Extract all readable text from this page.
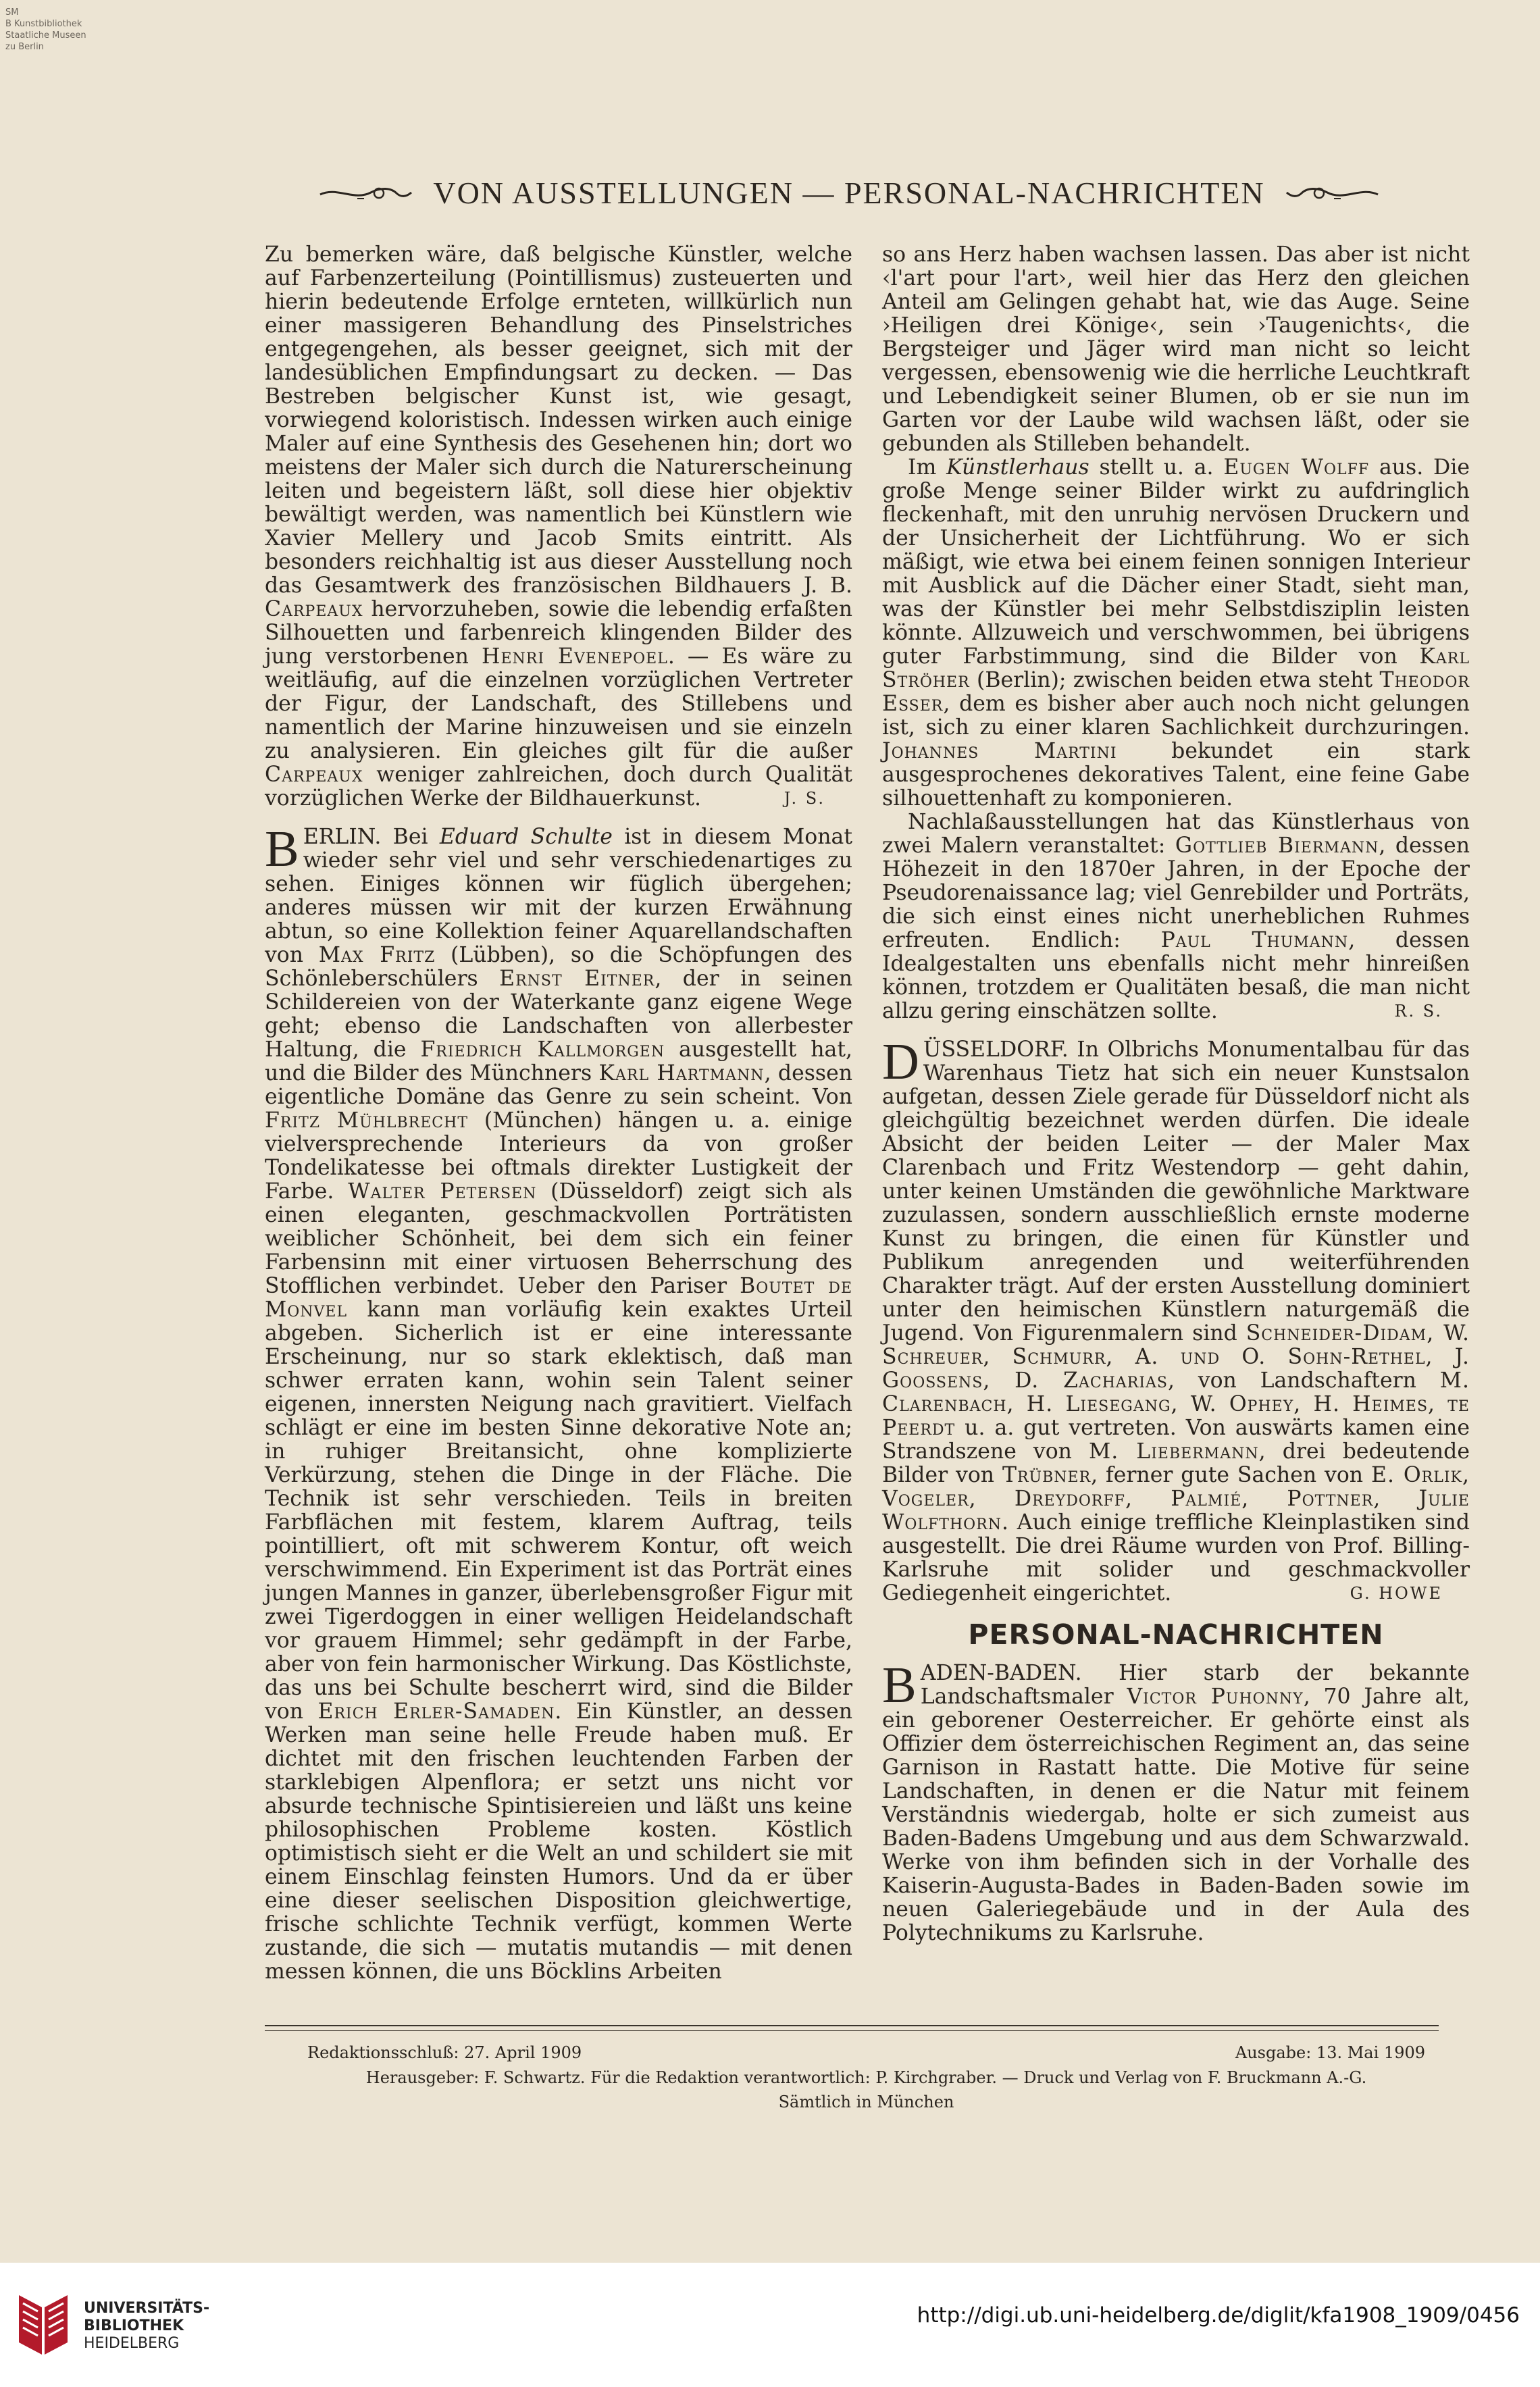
SM
B Kunstbibliothek
Staatliche Museen
zu Berlin
VON AUSSTELLUNGEN — PERSONAL-NACHRICHTEN

Zu bemerken wäre, daß belgische Künstler, welche auf Farbenzerteilung (Pointillismus) zusteuerten und hierin bedeutende Erfolge ernteten, willkürlich nun einer massigeren Behandlung des Pinselstriches entgegengehen, als besser geeignet, sich mit der landesüblichen Empfindungsart zu decken. — Das Bestreben belgischer Kunst ist, wie gesagt, vorwiegend koloristisch. Indessen wirken auch einige Maler auf eine Synthesis des Gesehenen hin; dort wo meistens der Maler sich durch die Naturerscheinung leiten und begeistern läßt, soll diese hier objektiv bewältigt werden, was namentlich bei Künstlern wie Xavier Mellery und Jacob Smits eintritt. Als besonders reichhaltig ist aus dieser Ausstellung noch das Gesamtwerk des französischen Bildhauers J. B. Carpeaux hervorzuheben, sowie die lebendig erfaßten Silhouetten und farbenreich klingenden Bilder des jung verstorbenen Henri Evenepoel. — Es wäre zu weitläufig, auf die einzelnen vorzüglichen Vertreter der Figur, der Landschaft, des Stillebens und namentlich der Marine hinzuweisen und sie einzeln zu analysieren. Ein gleiches gilt für die außer Carpeaux weniger zahlreichen, doch durch Qualität vorzüglichen Werke der Bildhauerkunst.	J. S.

BERLIN. Bei Eduard Schulte ist in diesem Monat wieder sehr viel und sehr verschiedenartiges zu sehen. Einiges können wir füglich übergehen; anderes müssen wir mit der kurzen Erwähnung abtun, so eine Kollektion feiner Aquarellandschaften von Max Fritz (Lübben), so die Schöpfungen des Schönleberschülers Ernst Eitner, der in seinen Schildereien von der Waterkante ganz eigene Wege geht; ebenso die Landschaften von allerbester Haltung, die Friedrich Kallmorgen ausgestellt hat, und die Bilder des Münchners Karl Hartmann, dessen eigentliche Domäne das Genre zu sein scheint. Von Fritz Mühlbrecht (München) hängen u. a. einige vielversprechende Interieurs da von großer Tondelikatesse bei oftmals direkter Lustigkeit der Farbe. Walter Petersen (Düsseldorf) zeigt sich als einen eleganten, geschmackvollen Porträtisten weiblicher Schönheit, bei dem sich ein feiner Farbensinn mit einer virtuosen Beherrschung des Stofflichen verbindet. Ueber den Pariser Boutet de Monvel kann man vorläufig kein exaktes Urteil abgeben. Sicherlich ist er eine interessante Erscheinung, nur so stark eklektisch, daß man schwer erraten kann, wohin sein Talent seiner eigenen, innersten Neigung nach gravitiert. Vielfach schlägt er eine im besten Sinne dekorative Note an; in ruhiger Breitansicht, ohne komplizierte Verkürzung, stehen die Dinge in der Fläche. Die Technik ist sehr verschieden. Teils in breiten Farbflächen mit festem, klarem Auftrag, teils pointilliert, oft mit schwerem Kontur, oft weich verschwimmend. Ein Experiment ist das Porträt eines jungen Mannes in ganzer, überlebensgroßer Figur mit zwei Tigerdoggen in einer welligen Heidelandschaft vor grauem Himmel; sehr gedämpft in der Farbe, aber von fein harmonischer Wirkung. Das Köstlichste, das uns bei Schulte bescherrt wird, sind die Bilder von Erich Erler-Samaden. Ein Künstler, an dessen Werken man seine helle Freude haben muß. Er dichtet mit den frischen leuchtenden Farben der starklebigen Alpenflora; er setzt uns nicht vor absurde technische Spintisiereien und läßt uns keine philosophischen Probleme kosten. Köstlich optimistisch sieht er die Welt an und schildert sie mit einem Einschlag feinsten Humors. Und da er über eine dieser seelischen Disposition gleichwertige, frische schlichte Technik verfügt, kommen Werte zustande, die sich — mutatis mutandis — mit denen messen können, die uns Böcklins Arbeiten

so ans Herz haben wachsen lassen. Das aber ist nicht ‹l'art pour l'art›, weil hier das Herz den gleichen Anteil am Gelingen gehabt hat, wie das Auge. Seine ›Heiligen drei Könige‹, sein ›Taugenichts‹, die Bergsteiger und Jäger wird man nicht so leicht vergessen, ebensowenig wie die herrliche Leuchtkraft und Lebendigkeit seiner Blumen, ob er sie nun im Garten vor der Laube wild wachsen läßt, oder sie gebunden als Stilleben behandelt.

Im Künstlerhaus stellt u. a. Eugen Wolff aus. Die große Menge seiner Bilder wirkt zu aufdringlich fleckenhaft, mit den unruhig nervösen Druckern und der Unsicherheit der Lichtführung. Wo er sich mäßigt, wie etwa bei einem feinen sonnigen Interieur mit Ausblick auf die Dächer einer Stadt, sieht man, was der Künstler bei mehr Selbstdisziplin leisten könnte. Allzuweich und verschwommen, bei übrigens guter Farbstimmung, sind die Bilder von Karl Ströher (Berlin); zwischen beiden etwa steht Theodor Esser, dem es bisher aber auch noch nicht gelungen ist, sich zu einer klaren Sachlichkeit durchzuringen. Johannes Martini bekundet ein stark ausgesprochenes dekoratives Talent, eine feine Gabe silhouettenhaft zu komponieren.

Nachlaßausstellungen hat das Künstlerhaus von zwei Malern veranstaltet: Gottlieb Biermann, dessen Höhezeit in den 1870er Jahren, in der Epoche der Pseudorenaissance lag; viel Genrebilder und Porträts, die sich einst eines nicht unerheblichen Ruhmes erfreuten. Endlich: Paul Thumann, dessen Idealgestalten uns ebenfalls nicht mehr hinreißen können, trotzdem er Qualitäten besaß, die man nicht allzu gering einschätzen sollte.	R. S.

DÜSSELDORF. In Olbrichs Monumentalbau für das Warenhaus Tietz hat sich ein neuer Kunstsalon aufgetan, dessen Ziele gerade für Düsseldorf nicht als gleichgültig bezeichnet werden dürfen. Die ideale Absicht der beiden Leiter — der Maler Max Clarenbach und Fritz Westendorp — geht dahin, unter keinen Umständen die gewöhnliche Marktware zuzulassen, sondern ausschließlich ernste moderne Kunst zu bringen, die einen für Künstler und Publikum anregenden und weiterführenden Charakter trägt. Auf der ersten Ausstellung dominiert unter den heimischen Künstlern naturgemäß die Jugend. Von Figurenmalern sind Schneider-Didam, W. Schreuer, Schmurr, A. und O. Sohn-Rethel, J. Goossens, D. Zacharias, von Landschaftern M. Clarenbach, H. Liesegang, W. Ophey, H. Heimes, te Peerdt u. a. gut vertreten. Von auswärts kamen eine Strandszene von M. Liebermann, drei bedeutende Bilder von Trübner, ferner gute Sachen von E. Orlik, Vogeler, Dreydorff, Palmié, Pottner, Julie Wolfthorn. Auch einige treffliche Kleinplastiken sind ausgestellt. Die drei Räume wurden von Prof. Billing-Karlsruhe mit solider und geschmackvoller Gediegenheit eingerichtet.	G. HOWE

PERSONAL-NACHRICHTEN

BADEN-BADEN. Hier starb der bekannte Landschaftsmaler Victor Puhonny, 70 Jahre alt, ein geborener Oesterreicher. Er gehörte einst als Offizier dem österreichischen Regiment an, das seine Garnison in Rastatt hatte. Die Motive für seine Landschaften, in denen er die Natur mit feinem Verständnis wiedergab, holte er sich zumeist aus Baden-Badens Umgebung und aus dem Schwarzwald. Werke von ihm befinden sich in der Vorhalle des Kaiserin-Augusta-Bades in Baden-Baden sowie im neuen Galeriegebäude und in der Aula des Polytechnikums zu Karlsruhe.

Redaktionsschluß: 27. April 1909	Ausgabe: 13. Mai 1909
Herausgeber: F. Schwartz. Für die Redaktion verantwortlich: P. Kirchgraber. — Druck und Verlag von F. Bruckmann A.-G.
Sämtlich in München
UNIVERSITÄTS-
BIBLIOTHEK
HEIDELBERG
http://digi.ub.uni-heidelberg.de/diglit/kfa1908_1909/0456
